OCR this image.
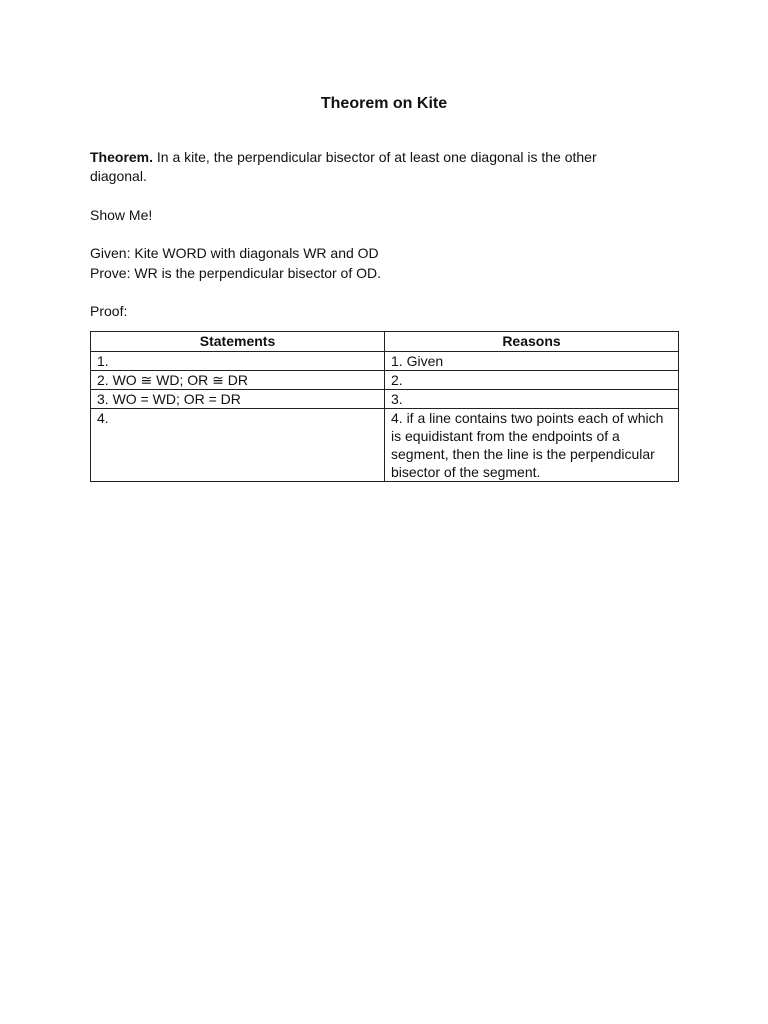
Theorem on Kite
Theorem. In a kite, the perpendicular bisector of at least one diagonal is the other diagonal.
Show Me!
Given: Kite WORD with diagonals WR and OD
Prove: WR is the perpendicular bisector of OD.
Proof:
Statements	Reasons
1.	1. Given
2. WO ≅ WD; OR ≅ DR	2.
3. WO = WD; OR = DR	3.
4.	4. if a line contains two points each of which is equidistant from the endpoints of a segment, then the line is the perpendicular bisector of the segment.
